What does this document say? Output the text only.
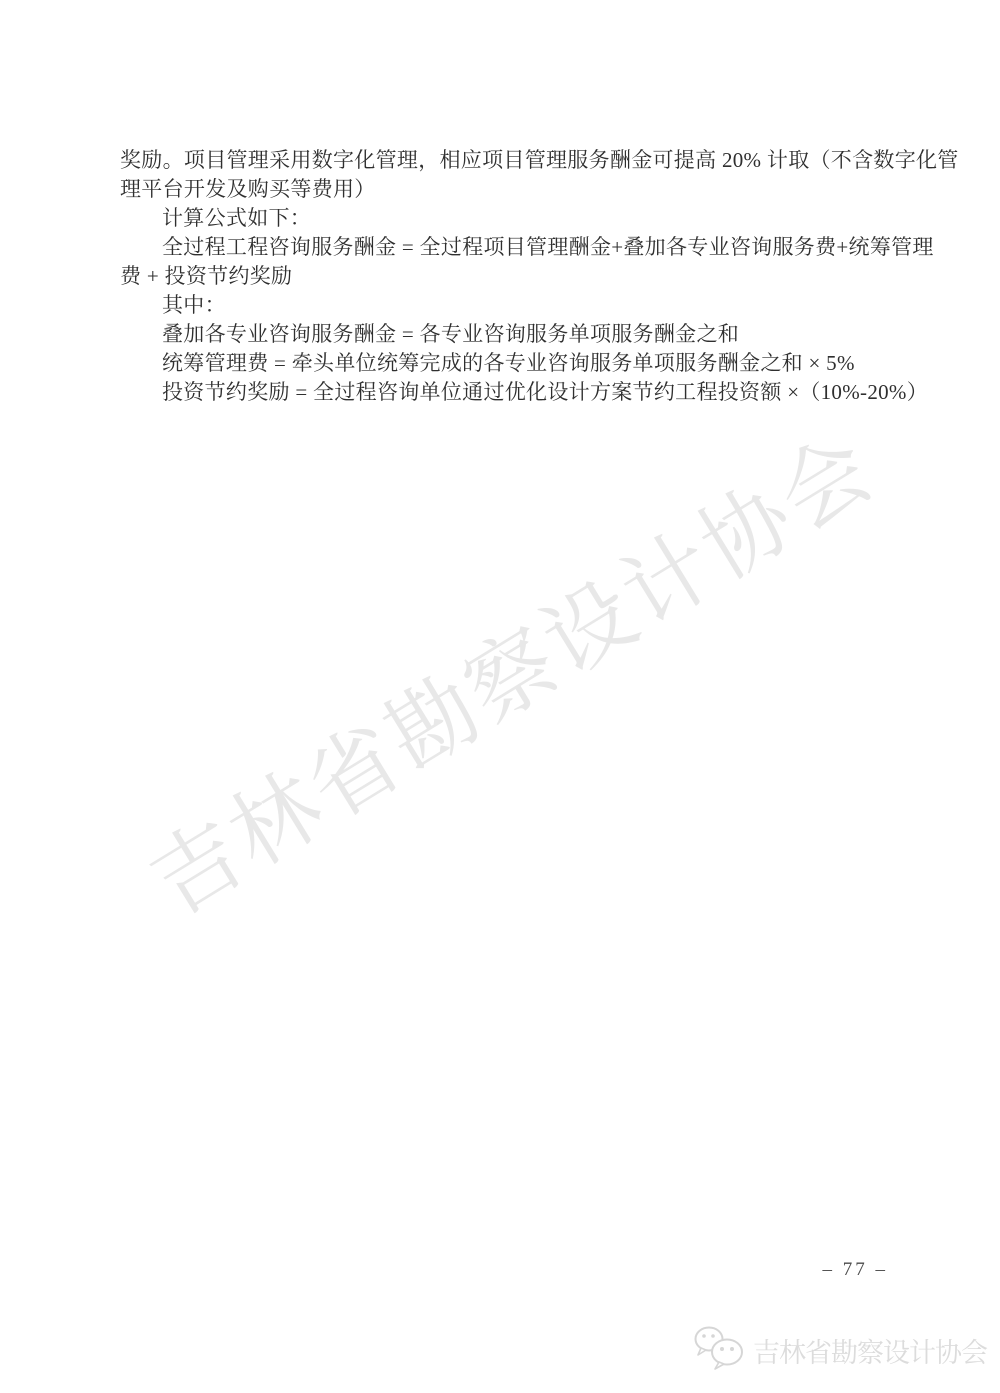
吉林省勘察设计协会
奖励。项目管理采用数字化管理，相应项目管理服务酬金可提高 20% 计取（不含数字化管
理平台开发及购买等费用）
计算公式如下：
全过程工程咨询服务酬金 = 全过程项目管理酬金+叠加各专业咨询服务费+统筹管理
费 + 投资节约奖励
其中：
叠加各专业咨询服务酬金 = 各专业咨询服务单项服务酬金之和
统筹管理费 = 牵头单位统筹完成的各专业咨询服务单项服务酬金之和 × 5%
投资节约奖励 = 全过程咨询单位通过优化设计方案节约工程投资额 ×（10%-20%）
– 77 –
吉林省勘察设计协会
